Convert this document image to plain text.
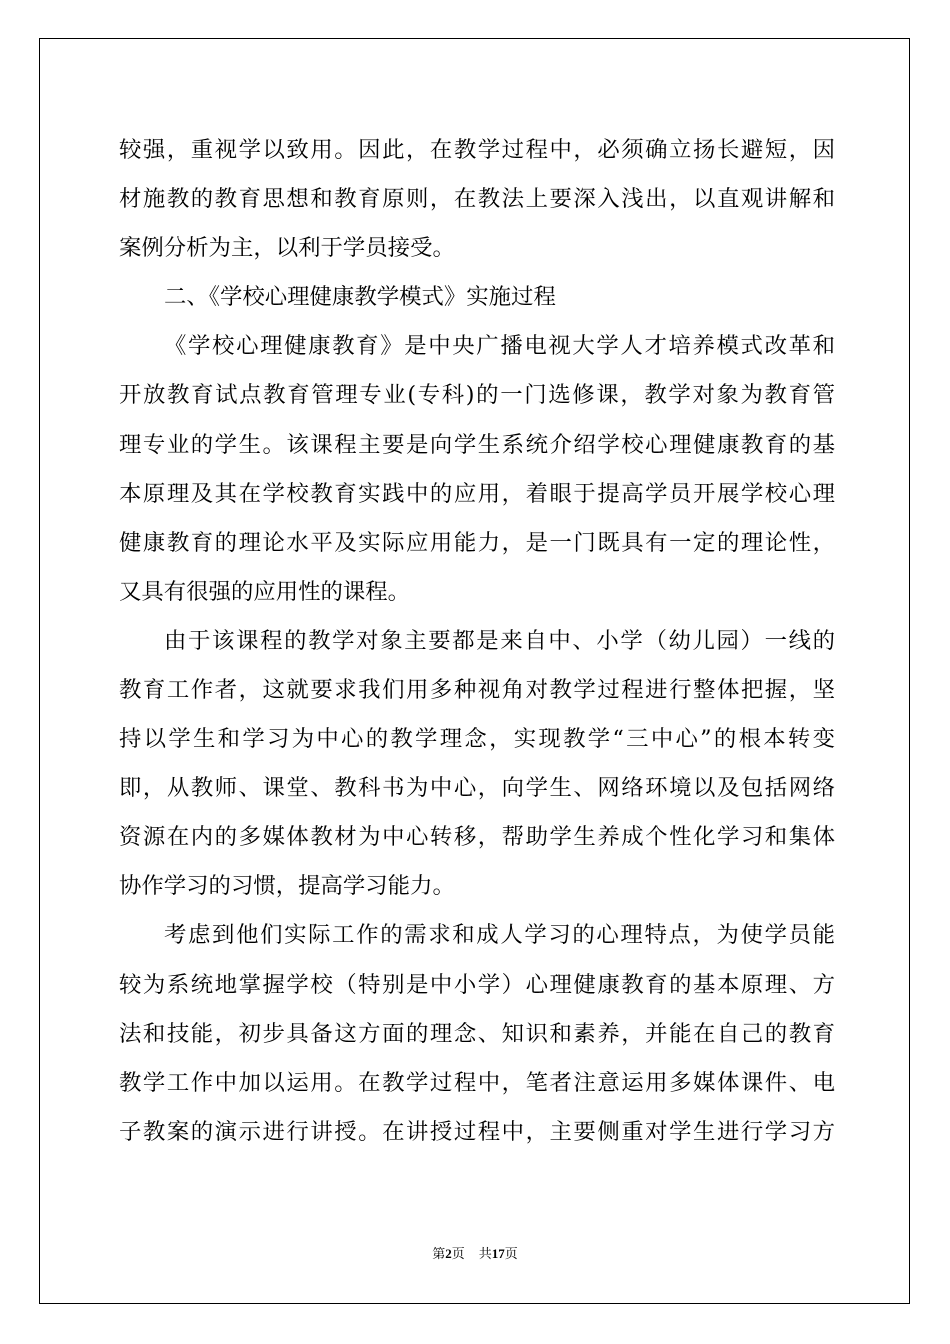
较强，重视学以致用。因此，在教学过程中，必须确立扬长避短，因
材施教的教育思想和教育原则，在教法上要深入浅出，以直观讲解和
案例分析为主，以利于学员接受。
二、《学校心理健康教学模式》实施过程
《学校心理健康教育》是中央广播电视大学人才培养模式改革和
开放教育试点教育管理专业(专科)的一门选修课，教学对象为教育管
理专业的学生。该课程主要是向学生系统介绍学校心理健康教育的基
本原理及其在学校教育实践中的应用，着眼于提高学员开展学校心理
健康教育的理论水平及实际应用能力，是一门既具有一定的理论性，
又具有很强的应用性的课程。
由于该课程的教学对象主要都是来自中、小学（幼儿园）一线的
教育工作者，这就要求我们用多种视角对教学过程进行整体把握，坚
持以学生和学习为中心的教学理念，实现教学“三中心”的根本转变
即，从教师、课堂、教科书为中心，向学生、网络环境以及包括网络
资源在内的多媒体教材为中心转移，帮助学生养成个性化学习和集体
协作学习的习惯，提高学习能力。
考虑到他们实际工作的需求和成人学习的心理特点，为使学员能
较为系统地掌握学校（特别是中小学）心理健康教育的基本原理、方
法和技能，初步具备这方面的理念、知识和素养，并能在自己的教育
教学工作中加以运用。在教学过程中，笔者注意运用多媒体课件、电
子教案的演示进行讲授。在讲授过程中，主要侧重对学生进行学习方
第2页 共17页
